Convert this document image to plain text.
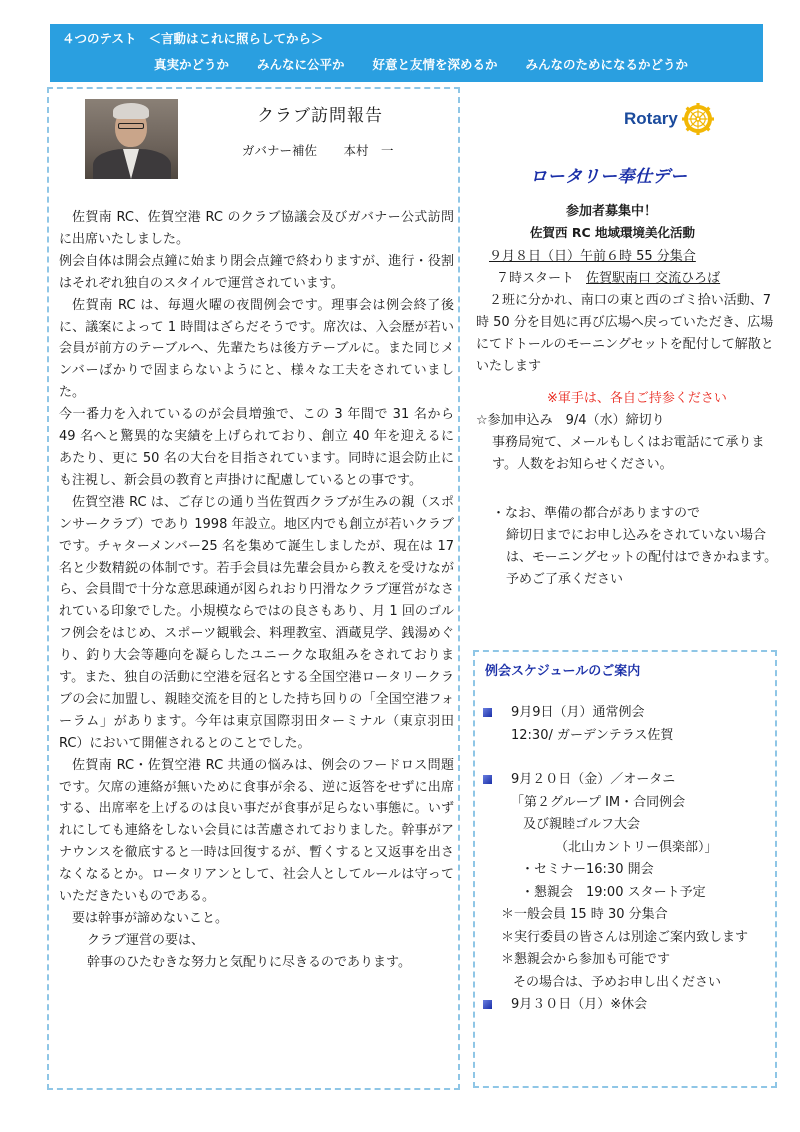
４つのテスト ＜言動はこれに照らしてから＞
真実かどうか みんなに公平か 好意と友情を深めるか みんなのためになるかどうか
クラブ訪問報告
ガバナー補佐　 本村　一

佐賀南 RC、佐賀空港 RC のクラブ協議会及びガバナー公式訪問に出席いたしました。

例会自体は開会点鐘に始まり閉会点鐘で終わりますが、進行・役割はそれぞれ独自のスタイルで運営されています。

佐賀南 RC は、毎週火曜の夜間例会です。理事会は例会終了後に、議案によって 1 時間はざらだそうです。席次は、入会歴が若い会員が前方のテーブルへ、先輩たちは後方テーブルに。また同じメンバーばかりで固まらないようにと、様々な工夫をされていました。

今一番力を入れているのが会員増強で、この 3 年間で 31 名から 49 名へと驚異的な実績を上げられており、創立 40 年を迎えるにあたり、更に 50 名の大台を目指されています。同時に退会防止にも注視し、新会員の教育と声掛けに配慮しているとの事です。

佐賀空港 RC は、ご存じの通り当佐賀西クラブが生みの親（スポンサークラブ）であり 1998 年設立。地区内でも創立が若いクラブです。チャターメンバー25 名を集めて誕生しましたが、現在は 17 名と少数精鋭の体制です。若手会員は先輩会員から教えを受けながら、会員間で十分な意思疎通が図られおり円滑なクラブ運営がなされている印象でした。小規模ならではの良さもあり、月 1 回のゴルフ例会をはじめ、スポーツ観戦会、料理教室、酒蔵見学、銭湯めぐり、釣り大会等趣向を凝らしたユニークな取組みをされております。また、独自の活動に空港を冠名とする全国空港ロータリークラブの会に加盟し、親睦交流を目的とした持ち回りの「全国空港フォーラム」があります。今年は東京国際羽田ターミナル（東京羽田 RC）において開催されるとのことでした。

佐賀南 RC・佐賀空港 RC 共通の悩みは、例会のフードロス問題です。欠席の連絡が無いために食事が余る、逆に返答をせずに出席する、出席率を上げるのは良い事だが食事が足らない事態に。いずれにしても連絡をしない会員には苦慮されておりました。幹事がアナウンスを徹底すると一時は回復するが、暫くすると又返事を出さなくなるとか。ロータリアンとして、社会人としてルールは守っていただきたいものである。

要は幹事が諦めないこと。

クラブ運営の要は、

幹事のひたむきな努力と気配りに尽きるのであります。

Rotary
ロータリー奉仕デー
参加者募集中！
佐賀西 RC 地域環境美化活動
９月８日（日）午前６時 55 分集合
７時スタート 佐賀駅南口 交流ひろば

２班に分かれ、南口の東と西のゴミ拾い活動、7 時 50 分を目処に再び広場へ戻っていただき、広場にてドトールのモーニングセットを配付して解散といたします

※軍手は、各自ご持参ください
☆参加申込み　9/4（水）締切り
事務局宛て、メールもしくはお電話にて承ります。人数をお知らせください。
・なお、準備の都合がありますので
締切日までにお申し込みをされていない場合は、モーニングセットの配付はできかねます。予めご了承ください
例会スケジュールのご案内
9月9日（月）通常例会
12:30/ ガーデンテラス佐賀
9月２０日（金）／オータニ
「第２グループ IM・合同例会
及び親睦ゴルフ大会
（北山カントリー倶楽部）」
・セミナー16:30 開会
・懇親会　19:00 スタート予定
＊一般会員 15 時 30 分集合
＊実行委員の皆さんは別途ご案内致します
＊懇親会から参加も可能です
その場合は、予めお申し出ください
9月３０日（月）※休会
